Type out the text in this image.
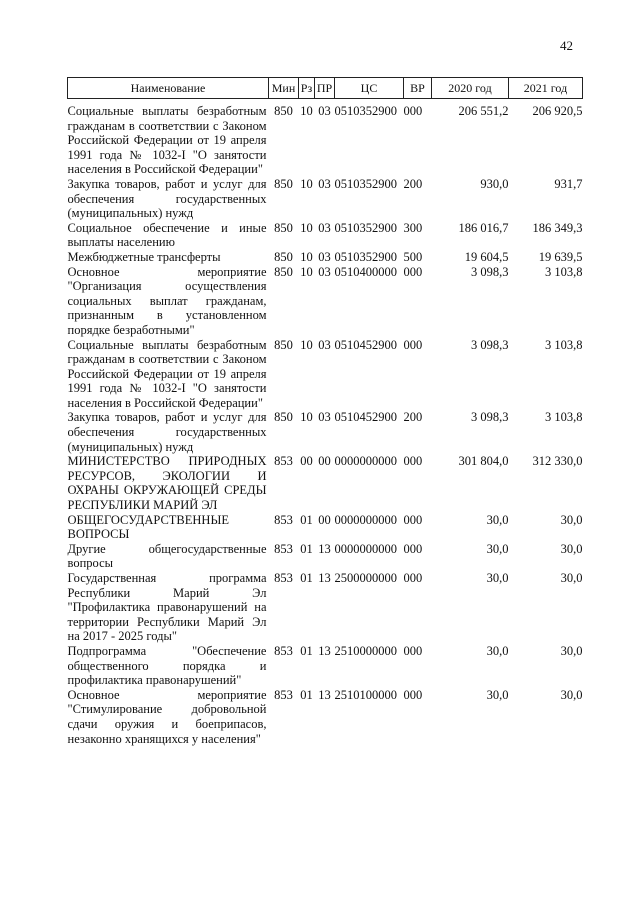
42
Наименование	Мин	Рз	ПР	ЦС	ВР	2020 год	2021 год
Социальные выплаты безработным гражданам в соответствии с Законом Российской Федерации от 19 апреля 1991 года № 1032-I "О занятости населения в Российской Федерации"	850	10	03	0510352900	000	206 551,2	206 920,5
Закупка товаров, работ и услуг для обеспечения государственных (муниципальных) нужд	850	10	03	0510352900	200	930,0	931,7
Социальное обеспечение и иные выплаты населению	850	10	03	0510352900	300	186 016,7	186 349,3
Межбюджетные трансферты	850	10	03	0510352900	500	19 604,5	19 639,5
Основное мероприятие "Организация осуществления социальных выплат гражданам, признанным в установленном порядке безработными"	850	10	03	0510400000	000	3 098,3	3 103,8
Социальные выплаты безработным гражданам в соответствии с Законом Российской Федерации от 19 апреля 1991 года № 1032-I "О занятости населения в Российской Федерации"	850	10	03	0510452900	000	3 098,3	3 103,8
Закупка товаров, работ и услуг для обеспечения государственных (муниципальных) нужд	850	10	03	0510452900	200	3 098,3	3 103,8
МИНИСТЕРСТВО ПРИРОДНЫХ РЕСУРСОВ, ЭКОЛОГИИ И ОХРАНЫ ОКРУЖАЮЩЕЙ СРЕДЫ РЕСПУБЛИКИ МАРИЙ ЭЛ	853	00	00	0000000000	000	301 804,0	312 330,0
ОБЩЕГОСУДАРСТВЕННЫЕ ВОПРОСЫ	853	01	00	0000000000	000	30,0	30,0
Другие общегосударственные вопросы	853	01	13	0000000000	000	30,0	30,0
Государственная программа Республики Марий Эл "Профилактика правонарушений на территории Республики Марий Эл на 2017 - 2025 годы"	853	01	13	2500000000	000	30,0	30,0
Подпрограмма "Обеспечение общественного порядка и профилактика правонарушений"	853	01	13	2510000000	000	30,0	30,0
Основное мероприятие "Стимулирование добровольной сдачи оружия и боеприпасов, незаконно хранящихся у населения"	853	01	13	2510100000	000	30,0	30,0
